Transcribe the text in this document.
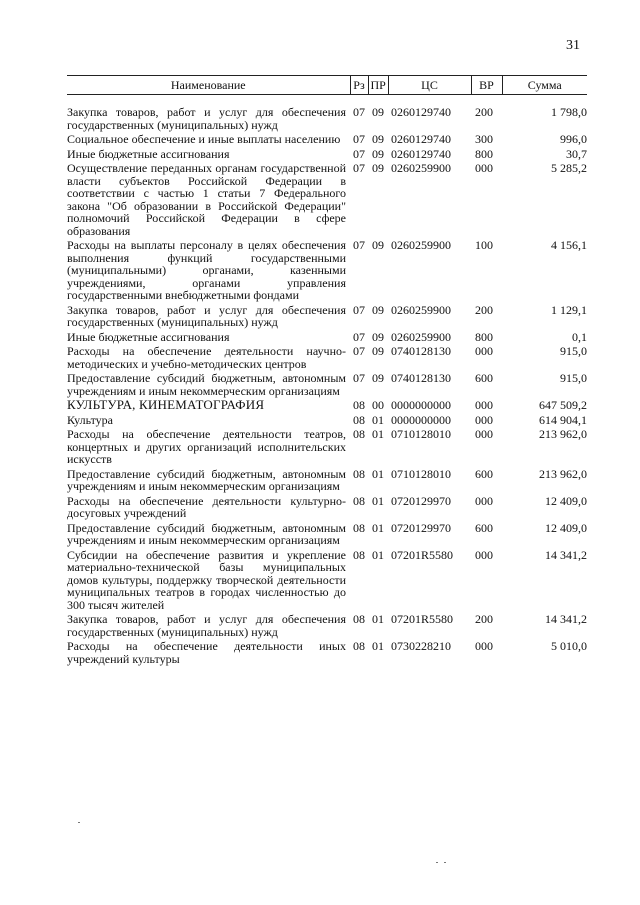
31
Наименование	Рз	ПР	ЦС	ВР	Сумма
Закупка товаров, работ и услуг для обеспечения государственных (муниципальных) нужд	07	09	0260129740	200	1 798,0
Социальное обеспечение и иные выплаты населению	07	09	0260129740	300	996,0
Иные бюджетные ассигнования	07	09	0260129740	800	30,7
Осуществление переданных органам государственной власти субъектов Российской Федерации в соответствии с частью 1 статьи 7 Федерального закона "Об образовании в Российской Федерации" полномочий Российской Федерации в сфере образования	07	09	0260259900	000	5 285,2
Расходы на выплаты персоналу в целях обеспечения выполнения функций государственными (муниципальными) органами, казенными учреждениями, органами управления государственными внебюджетными фондами	07	09	0260259900	100	4 156,1
Закупка товаров, работ и услуг для обеспечения государственных (муниципальных) нужд	07	09	0260259900	200	1 129,1
Иные бюджетные ассигнования	07	09	0260259900	800	0,1
Расходы на обеспечение деятельности научно-методических и учебно-методических центров	07	09	0740128130	000	915,0
Предоставление субсидий бюджетным, автономным учреждениям и иным некоммерческим организациям	07	09	0740128130	600	915,0
КУЛЬТУРА, КИНЕМАТОГРАФИЯ	08	00	0000000000	000	647 509,2
Культура	08	01	0000000000	000	614 904,1
Расходы на обеспечение деятельности театров, концертных и других организаций исполнительских искусств	08	01	0710128010	000	213 962,0
Предоставление субсидий бюджетным, автономным учреждениям и иным некоммерческим организациям	08	01	0710128010	600	213 962,0
Расходы на обеспечение деятельности культурно-досуговых учреждений	08	01	0720129970	000	12 409,0
Предоставление субсидий бюджетным, автономным учреждениям и иным некоммерческим организациям	08	01	0720129970	600	12 409,0
Субсидии на обеспечение развития и укрепление материально-технической базы муниципальных домов культуры, поддержку творческой деятельности муниципальных театров в городах численностью до 300 тысяч жителей	08	01	07201R5580	000	14 341,2
Закупка товаров, работ и услуг для обеспечения государственных (муниципальных) нужд	08	01	07201R5580	200	14 341,2
Расходы на обеспечение деятельности иных учреждений культуры	08	01	0730228210	000	5 010,0
